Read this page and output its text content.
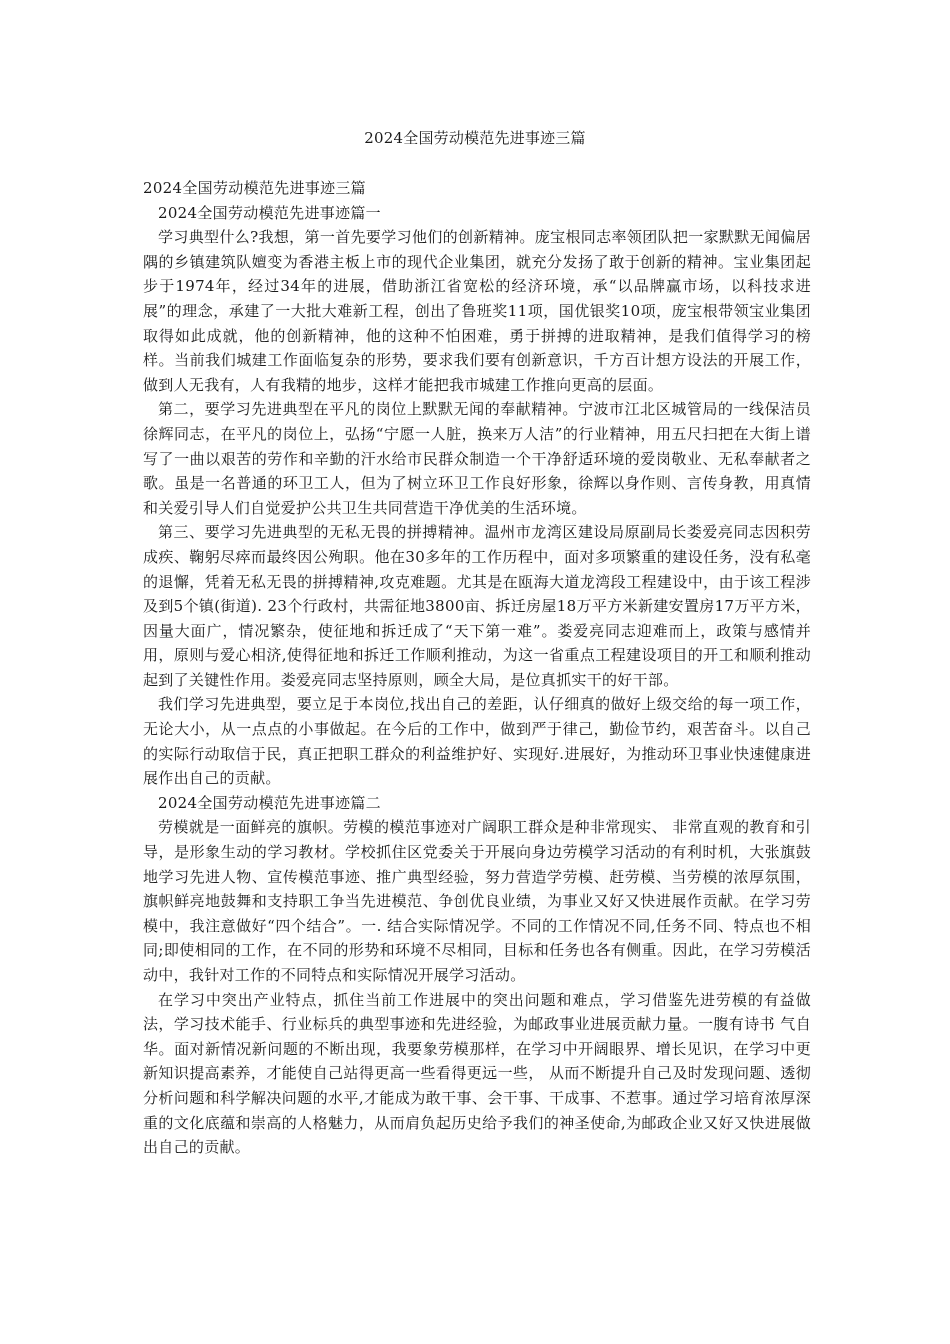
2024全国劳动模范先进事迹三篇

2024全国劳动模范先进事迹三篇

2024全国劳动模范先进事迹篇一

学习典型什么?我想，第一首先要学习他们的创新精神。庞宝根同志率领团队把一家默默无闻偏居隅的乡镇建筑队嬗变为香港主板上市的现代企业集团，就充分发扬了敢于创新的精神。宝业集团起步于1974年，经过34年的进展，借助浙江省宽松的经济环境，承“以品牌赢市场，以科技求进展”的理念，承建了一大批大难新工程，创出了鲁班奖11项，国优银奖10项，庞宝根带领宝业集团取得如此成就，他的创新精神，他的这种不怕困难，勇于拼搏的进取精神，是我们值得学习的榜样。当前我们城建工作面临复杂的形势，要求我们要有创新意识，千方百计想方设法的开展工作，做到人无我有，人有我精的地步，这样才能把我市城建工作推向更高的层面。

第二，要学习先进典型在平凡的岗位上默默无闻的奉献精神。宁波市江北区城管局的一线保洁员徐辉同志，在平凡的岗位上，弘扬“宁愿一人脏，换来万人洁”的行业精神，用五尺扫把在大街上谱写了一曲以艰苦的劳作和辛勤的汗水给市民群众制造一个干净舒适环境的爱岗敬业、无私奉献者之歌。虽是一名普通的环卫工人，但为了树立环卫工作良好形象，徐辉以身作则、言传身教，用真情和关爱引导人们自觉爱护公共卫生共同营造干净优美的生活环境。

第三、要学习先进典型的无私无畏的拼搏精神。温州市龙湾区建设局原副局长娄爱亮同志因积劳成疾、鞠躬尽瘁而最终因公殉职。他在30多年的工作历程中，面对多项繁重的建设任务，没有私毫的退懈，凭着无私无畏的拼搏精神,攻克难题。尤其是在瓯海大道龙湾段工程建设中，由于该工程涉及到5个镇(街道). 23个行政村，共需征地3800亩、拆迁房屋18万平方米新建安置房17万平方米，因量大面广，情况繁杂，使征地和拆迁成了“天下第一难”。娄爱亮同志迎难而上，政策与感情并用，原则与爱心相济,使得征地和拆迁工作顺利推动，为这一省重点工程建设项目的开工和顺利推动起到了关键性作用。娄爱亮同志坚持原则，顾全大局，是位真抓实干的好干部。

我们学习先进典型，要立足于本岗位,找出自己的差距，认仔细真的做好上级交给的每一项工作，无论大小，从一点点的小事做起。在今后的工作中，做到严于律己，勤俭节约，艰苦奋斗。以自己的实际行动取信于民，真正把职工群众的利益维护好、实现好.进展好，为推动环卫事业快速健康进展作出自己的贡献。

2024全国劳动模范先进事迹篇二

劳模就是一面鲜亮的旗帜。劳模的模范事迹对广阔职工群众是种非常现实、 非常直观的教育和引导，是形象生动的学习教材。学校抓住区党委关于开展向身边劳模学习活动的有利时机，大张旗鼓地学习先进人物、宣传模范事迹、推广典型经验，努力营造学劳模、赶劳模、当劳模的浓厚氛围，旗帜鲜亮地鼓舞和支持职工争当先进模范、争创优良业绩，为事业又好又快进展作贡献。在学习劳模中，我注意做好“四个结合”。一. 结合实际情况学。不同的工作情况不同,任务不同、特点也不相同;即使相同的工作，在不同的形势和环境不尽相同，目标和任务也各有侧重。因此，在学习劳模活动中，我针对工作的不同特点和实际情况开展学习活动。

在学习中突出产业特点，抓住当前工作进展中的突出问题和难点，学习借鉴先进劳模的有益做法，学习技术能手、行业标兵的典型事迹和先进经验，为邮政事业进展贡献力量。一腹有诗书 气自华。面对新情况新问题的不断出现，我要象劳模那样，在学习中开阔眼界、增长见识，在学习中更新知识提高素养，才能使自己站得更高一些看得更远一些， 从而不断提升自己及时发现问题、透彻分析问题和科学解决问题的水平,才能成为敢干事、会干事、干成事、不惹事。通过学习培育浓厚深重的文化底蕴和崇高的人格魅力，从而肩负起历史给予我们的神圣使命,为邮政企业又好又快进展做出自己的贡献。
